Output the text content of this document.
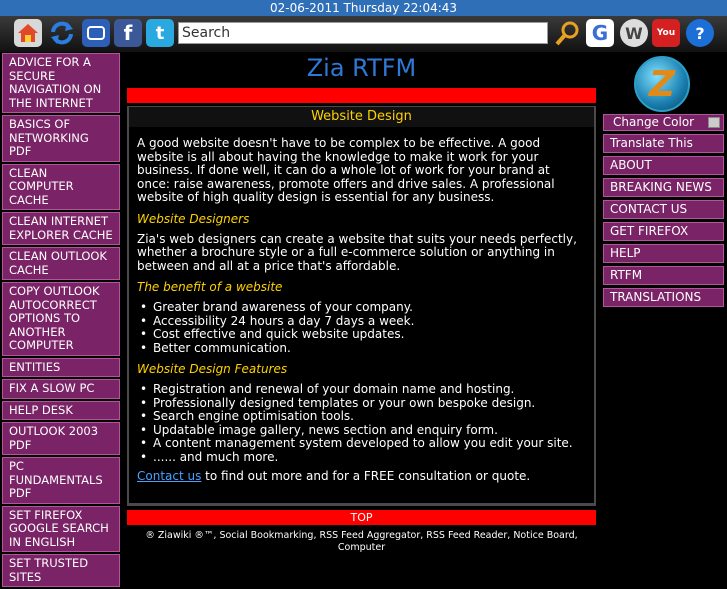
02-06-2011 Thursday 22:04:43
f	t	Search	G	W	You	?
ADVICE FOR A SECURE NAVIGATION ON THE INTERNET
BASICS OF NETWORKING PDF
CLEAN COMPUTER CACHE
CLEAN INTERNET EXPLORER CACHE
CLEAN OUTLOOK CACHE
COPY OUTLOOK AUTOCORRECT OPTIONS TO ANOTHER COMPUTER
ENTITIES
FIX A SLOW PC
HELP DESK
OUTLOOK 2003 PDF
PC FUNDAMENTALS PDF
SET FIREFOX GOOGLE SEARCH IN ENGLISH
SET TRUSTED SITES
Zia RTFM
Website Design

A good website doesn't have to be complex to be effective. A good website is all about having the knowledge to make it work for your business. If done well, it can do a whole lot of work for your brand at once: raise awareness, promote offers and drive sales. A professional website of high quality design is essential for any business.

Website Designers

Zia's web designers can create a website that suits your needs perfectly, whether a brochure style or a full e-commerce solution or anything in between and all at a price that's affordable.

The benefit of a website
• Greater brand awareness of your company.
• Accessibility 24 hours a day 7 days a week.
• Cost effective and quick website updates.
• Better communication.
Website Design Features
• Registration and renewal of your domain name and hosting.
• Professionally designed templates or your own bespoke design.
• Search engine optimisation tools.
• Updatable image gallery, news section and enquiry form.
• A content management system developed to allow you edit your site.
• ...... and much more.

Contact us to find out more and for a FREE consultation or quote.

TOP
® Ziawiki ®™, Social Bookmarking, RSS Feed Aggregator, RSS Feed Reader, Notice Board, Computer
Z
Change Color
Translate This
ABOUT
BREAKING NEWS
CONTACT US
GET FIREFOX
HELP
RTFM
TRANSLATIONS
